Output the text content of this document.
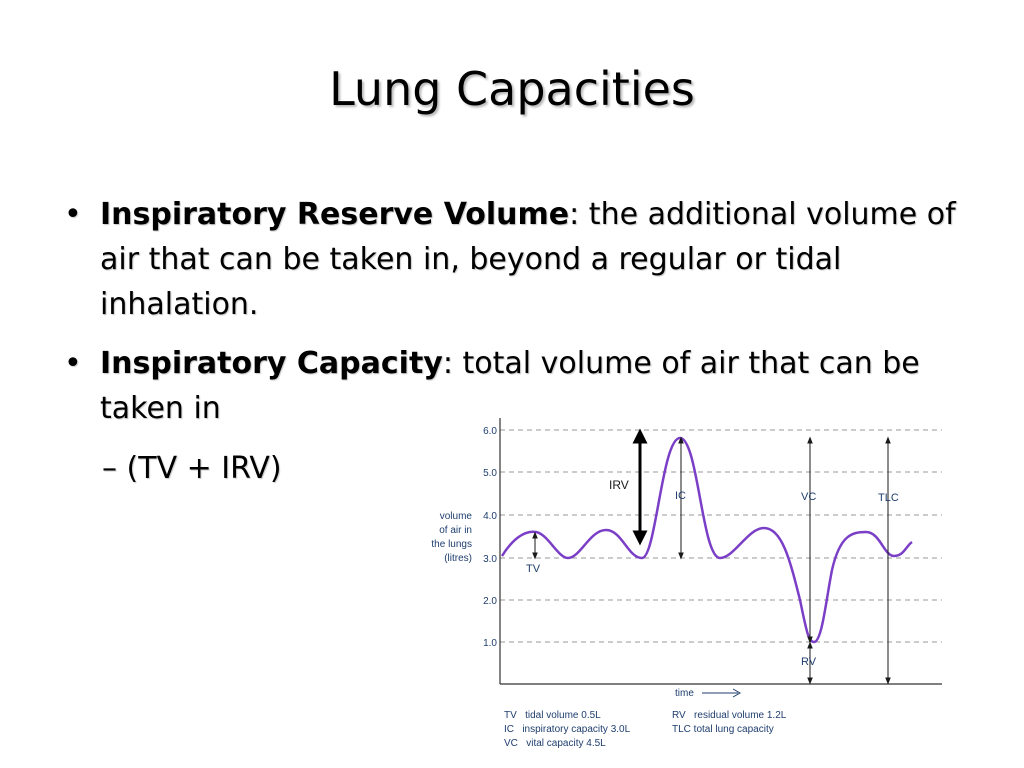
Lung Capacities
• Inspiratory Reserve Volume: the additional volume of air that can be taken in, beyond a regular or tidal inhalation.
• Inspiratory Capacity: total volume of air that can be taken in
– (TV + IRV)
6.0
5.0
4.0
3.0
2.0
1.0
volume
of air in
the lungs
(litres)
TV
IRV
IC	VC	TLC
RV
time
TV   tidal volume 0.5L
IC   inspiratory capacity 3.0L
VC   vital capacity 4.5L
RV   residual volume 1.2L
TLC total lung capacity
